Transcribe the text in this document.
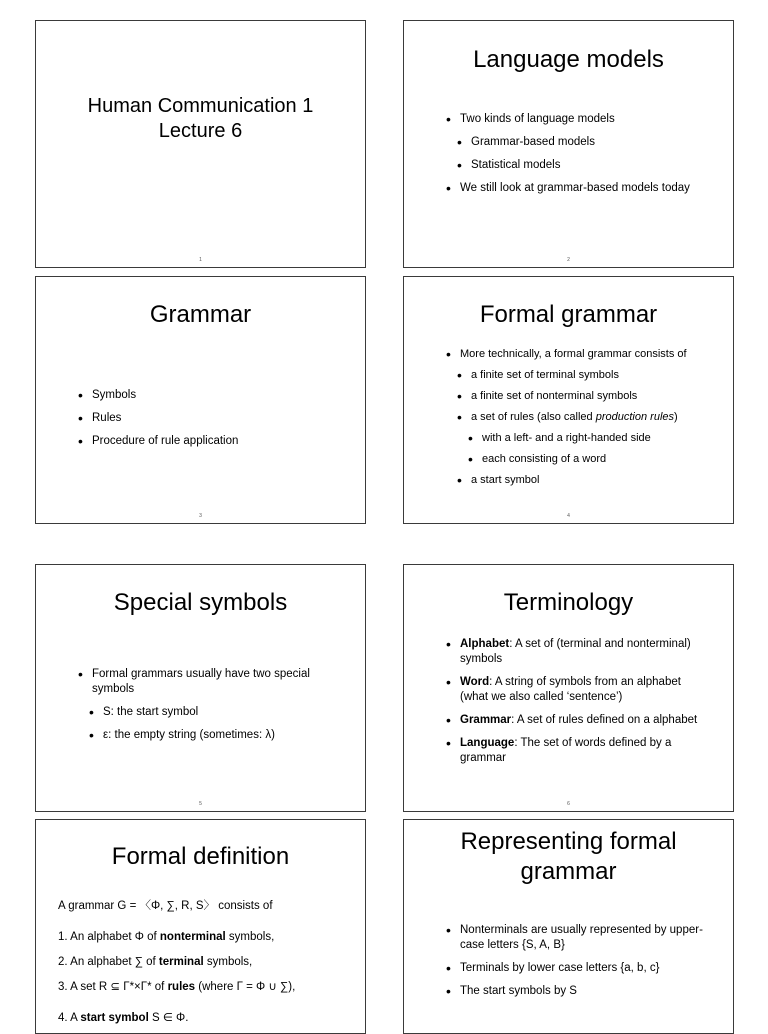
Human Communication 1
Lecture 6
1
Language models
• Two kinds of language models
• Grammar-based models
• Statistical models
• We still look at grammar-based models today
2
Grammar
• Symbols
• Rules
• Procedure of rule application
3
Formal grammar
• More technically, a formal grammar consists of
• a finite set of terminal symbols
• a finite set of nonterminal symbols
• a set of rules (also called production rules)
• with a left- and a right-handed side
• each consisting of a word
• a start symbol
4
Special symbols
• Formal grammars usually have two special symbols
• S: the start symbol
• ε: the empty string (sometimes: λ)
5
Terminology
• Alphabet: A set of (terminal and nonterminal) symbols
• Word: A string of symbols from an alphabet (what we also called ‘sentence’)
• Grammar: A set of rules defined on a alphabet
• Language: The set of words defined by a grammar
6
Formal definition
A grammar G = 〈Φ, ∑, R, S〉 consists of
1. An alphabet Φ of nonterminal symbols,
2. An alphabet ∑ of terminal symbols,
3. A set R ⊆ Γ*×Γ* of rules (where Γ = Φ ∪ ∑),
4. A start symbol S ∈ Φ.
Representing formal
grammar
• Nonterminals are usually represented by upper-case letters {S, A, B}
• Terminals by lower case letters {a, b, c}
• The start symbols by S
